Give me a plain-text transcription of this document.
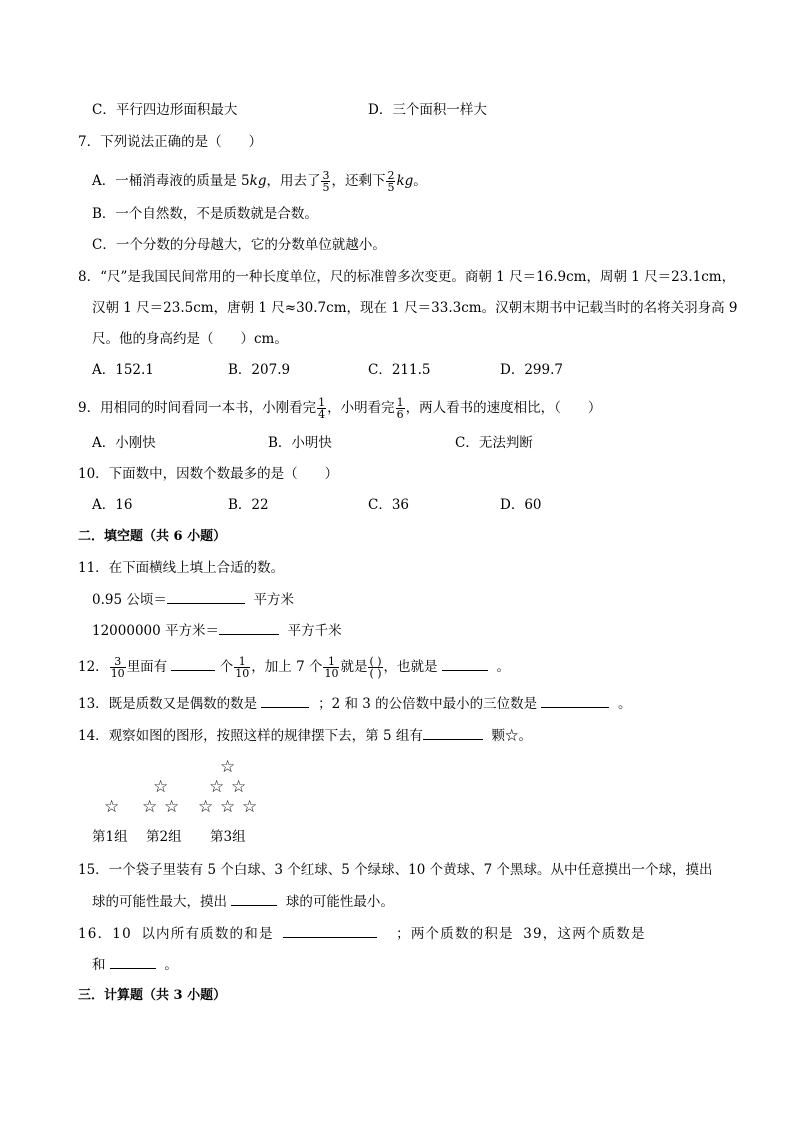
C．平行四边形面积最大	D．三个面积一样大
7．下列说法正确的是（　　）
A．一桶消毒液的质量是 5kg，用去了 $\frac{3}{5}$ ，还剩下 $\frac{2}{5}$ kg。
B．一个自然数，不是质数就是合数。
C．一个分数的分母越大，它的分数单位就越小。
8．“尺”是我国民间常用的一种长度单位，尺的标准曾多次变更。商朝 1 尺＝16.9cm，周朝 1 尺＝23.1cm，
汉朝 1 尺＝23.5cm，唐朝 1 尺≈30.7cm，现在 1 尺＝33.3cm。汉朝末期书中记载当时的名将关羽身高 9
尺。他的身高约是（　　）cm。
A．152.1	B．207.9	C．211.5	D．299.7
9．用相同的时间看同一本书，小刚看完 $\frac{1}{4}$ ，小明看完 $\frac{1}{6}$ ，两人看书的速度相比，（　　）
A．小刚快	B．小明快	C．无法判断
10．下面数中，因数个数最多的是（　　）
A．16	B．22	C．36	D．60
二．填空题（共 6 小题）
11．在下面横线上填上合适的数。
0.95 公顷＝	平方米
12000000 平方米＝	平方千米
12． $\frac{3}{10}$ 里面有	个 $\frac{1}{10}$ ，加上 7 个 $\frac{1}{10}$ 就是 $\frac{( )}{( )}$ ，也就是	。
13．既是质数又是偶数的数是	；2 和 3 的公倍数中最小的三位数是	。
14．观察如图的图形，按照这样的规律摆下去，第 5 组有	颗☆。
☆
☆
☆ ☆
☆
☆ ☆
☆ ☆ ☆
第1组 第2组 第3组
15．一个袋子里装有 5 个白球、3 个红球、5 个绿球、10 个黄球、7 个黑球。从中任意摸出一个球，摸出
球的可能性最大，摸出	球的可能性最小。
16．10 以内所有质数的和是	；两个质数的积是 39，这两个质数是
和	。
三．计算题（共 3 小题）
